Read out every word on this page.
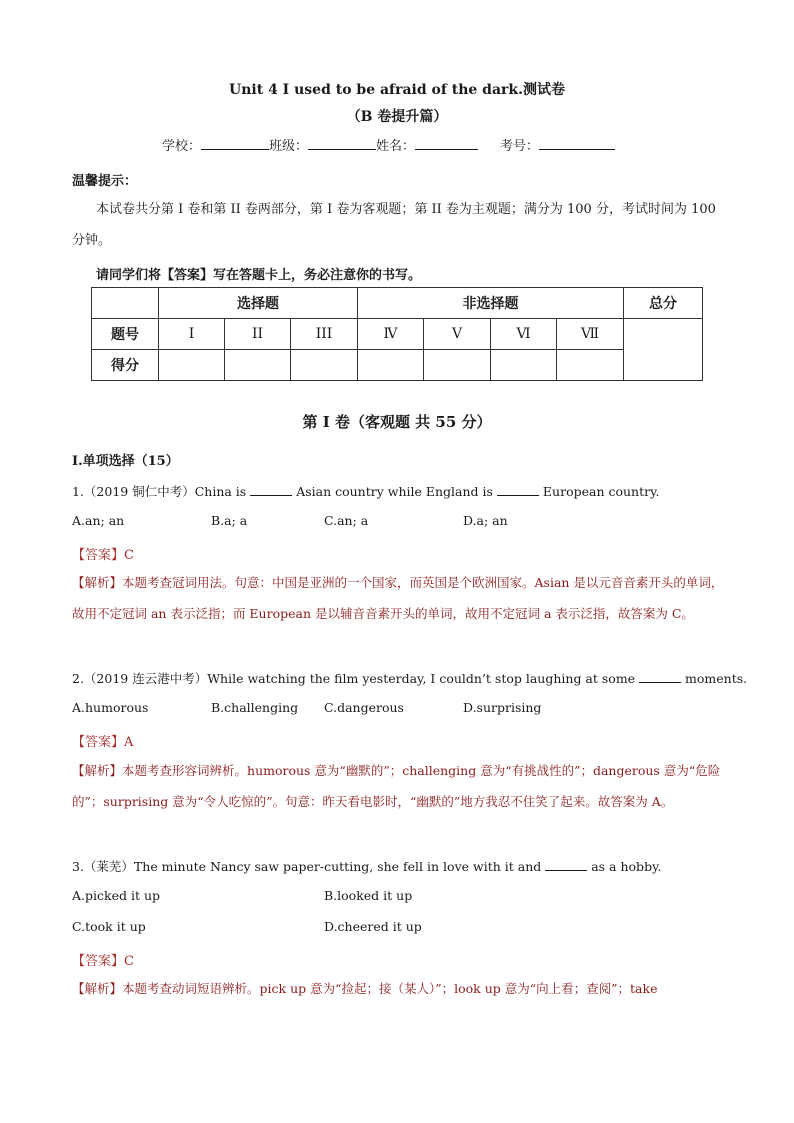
Unit 4 I used to be afraid of the dark.测试卷
（B 卷提升篇）
学校：	班级：	姓名：	考号：
温馨提示：
本试卷共分第 I 卷和第 II 卷两部分，第 I 卷为客观题；第 II 卷为主观题；满分为 100 分，考试时间为 100
分钟。
请同学们将【答案】写在答题卡上，务必注意你的书写。
	选择题			非选择题				总分
题号	I	II	III	Ⅳ	V	Ⅵ	Ⅶ	
得分								
第 I 卷（客观题 共 55 分）
Ⅰ.单项选择（15）
1.（2019 铜仁中考）China is	Asian country while England is	European country.
A.an; an	B.a; a	C.an; a	D.a; an
【答案】C
【解析】本题考查冠词用法。句意：中国是亚洲的一个国家，而英国是个欧洲国家。Asian 是以元音音素开头的单词，故用不定冠词 an 表示泛指；而 European 是以辅音音素开头的单词，故用不定冠词 a 表示泛指，故答案为 C。
2.（2019 连云港中考）While watching the film yesterday, I couldn’t stop laughing at some	moments.
A.humorous	B.challenging C.dangerous	D.surprising
【答案】A
【解析】本题考查形容词辨析。humorous 意为“幽默的”；challenging 意为“有挑战性的”；dangerous 意为“危险的”；surprising 意为“令人吃惊的”。句意：昨天看电影时，“幽默的”地方我忍不住笑了起来。故答案为 A。
3.（莱芜）The minute Nancy saw paper-cutting, she fell in love with it and	as a hobby.
A.picked it up	B.looked it up
C.took it up	D.cheered it up
【答案】C
【解析】本题考查动词短语辨析。pick up 意为“捡起；接（某人）”；look up 意为“向上看；查阅”；take
